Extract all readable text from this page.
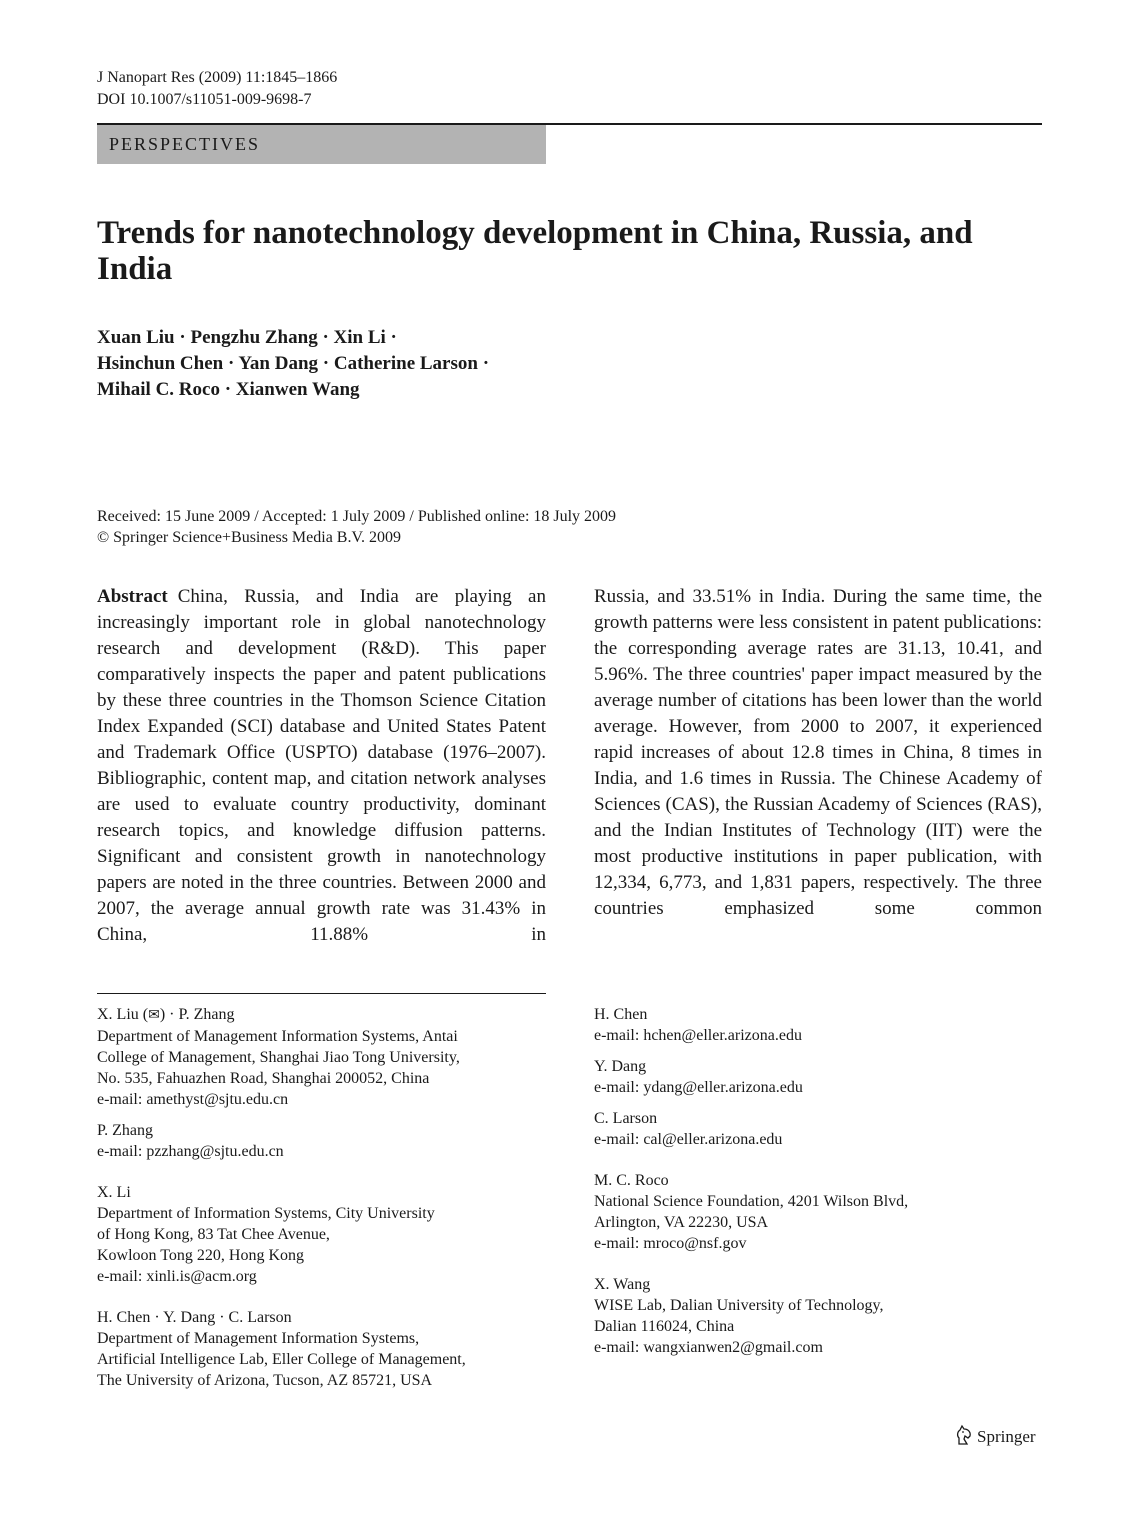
J Nanopart Res (2009) 11:1845–1866
DOI 10.1007/s11051-009-9698-7
PERSPECTIVES
Trends for nanotechnology development in China, Russia, and India
Xuan Liu · Pengzhu Zhang · Xin Li ·
Hsinchun Chen · Yan Dang · Catherine Larson ·
Mihail C. Roco · Xianwen Wang
Received: 15 June 2009 / Accepted: 1 July 2009 / Published online: 18 July 2009
© Springer Science+Business Media B.V. 2009
Abstract China, Russia, and India are playing an increasingly important role in global nanotechnology research and development (R&D). This paper comparatively inspects the paper and patent publications by these three countries in the Thomson Science Citation Index Expanded (SCI) database and United States Patent and Trademark Office (USPTO) database (1976–2007). Bibliographic, content map, and citation network analyses are used to evaluate country productivity, dominant research topics, and knowledge diffusion patterns. Significant and consistent growth in nanotechnology papers are noted in the three countries. Between 2000 and 2007, the average annual growth rate was 31.43% in China, 11.88% in
Russia, and 33.51% in India. During the same time, the growth patterns were less consistent in patent publications: the corresponding average rates are 31.13, 10.41, and 5.96%. The three countries' paper impact measured by the average number of citations has been lower than the world average. However, from 2000 to 2007, it experienced rapid increases of about 12.8 times in China, 8 times in India, and 1.6 times in Russia. The Chinese Academy of Sciences (CAS), the Russian Academy of Sciences (RAS), and the Indian Institutes of Technology (IIT) were the most productive institutions in paper publication, with 12,334, 6,773, and 1,831 papers, respectively. The three countries emphasized some common
X. Liu (✉) · P. Zhang
Department of Management Information Systems, Antai
College of Management, Shanghai Jiao Tong University,
No. 535, Fahuazhen Road, Shanghai 200052, China
e-mail: amethyst@sjtu.edu.cn
P. Zhang
e-mail: pzzhang@sjtu.edu.cn
X. Li
Department of Information Systems, City University
of Hong Kong, 83 Tat Chee Avenue,
Kowloon Tong 220, Hong Kong
e-mail: xinli.is@acm.org
H. Chen · Y. Dang · C. Larson
Department of Management Information Systems,
Artificial Intelligence Lab, Eller College of Management,
The University of Arizona, Tucson, AZ 85721, USA
H. Chen
e-mail: hchen@eller.arizona.edu
Y. Dang
e-mail: ydang@eller.arizona.edu
C. Larson
e-mail: cal@eller.arizona.edu
M. C. Roco
National Science Foundation, 4201 Wilson Blvd,
Arlington, VA 22230, USA
e-mail: mroco@nsf.gov
X. Wang
WISE Lab, Dalian University of Technology,
Dalian 116024, China
e-mail: wangxianwen2@gmail.com
Springer
